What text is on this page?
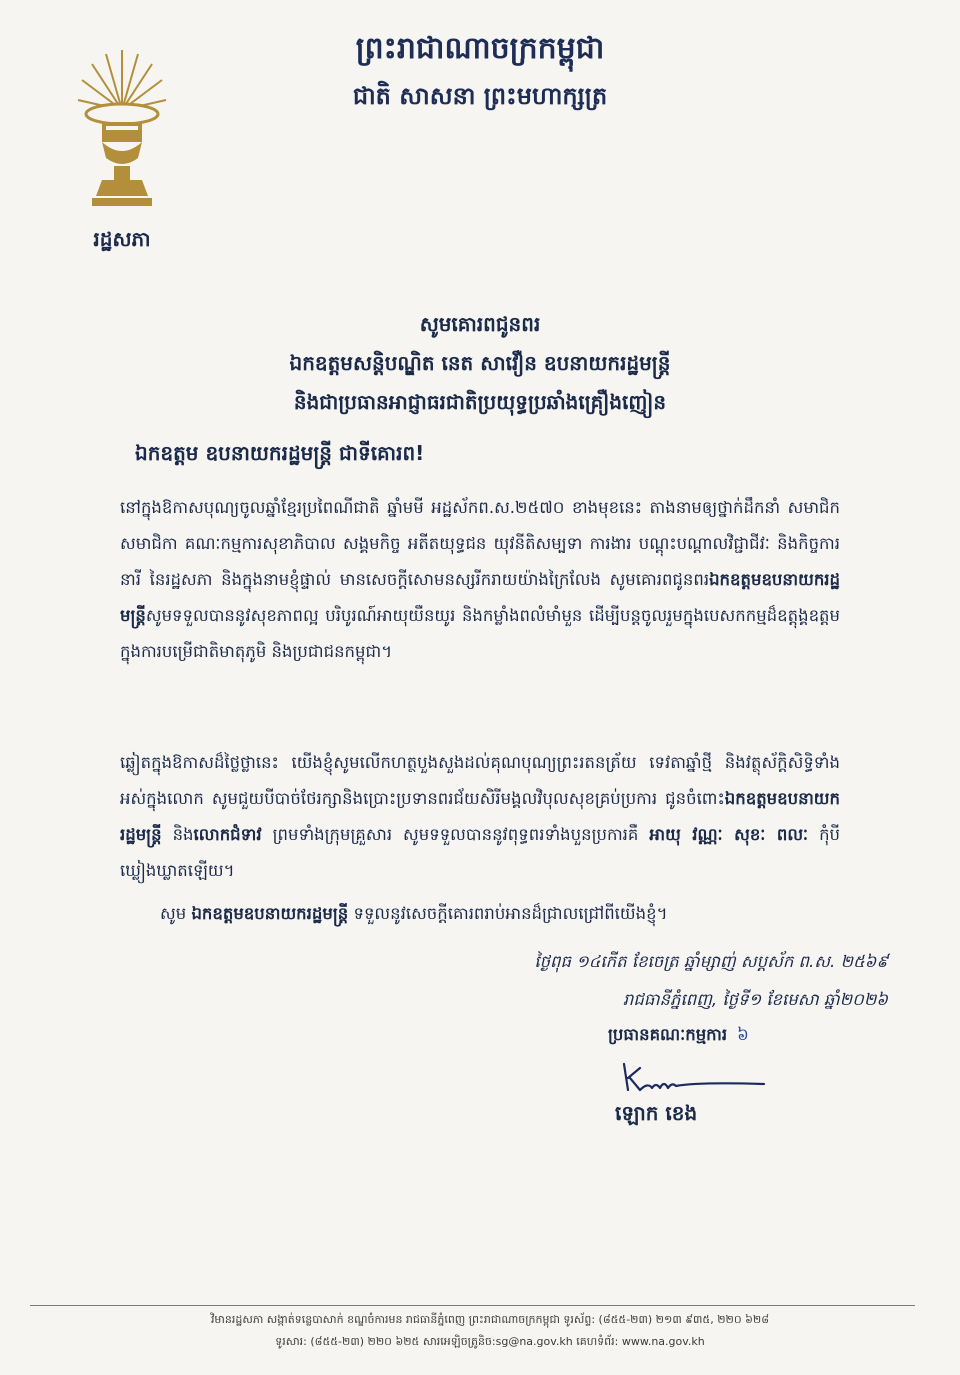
រដ្ឋសភា
ព្រះរាជាណាចក្រកម្ពុជា
ជាតិ សាសនា ព្រះមហាក្សត្រ
សូមគោរពជូនពរ
ឯកឧត្តមសន្តិបណ្ឌិត នេត សាវឿន ឧបនាយករដ្ឋមន្ត្រី
និងជាប្រធានអាជ្ញាធរជាតិប្រយុទ្ធប្រឆាំងគ្រឿងញៀន
ឯកឧត្តម ឧបនាយករដ្ឋមន្ត្រី ជាទីគោរព!
នៅក្នុងឱកាសបុណ្យចូលឆ្នាំខ្មែរប្រពៃណីជាតិ ឆ្នាំមមី អដ្ឋស័កព.ស.២៥៧០ ខាងមុខនេះ តាងនាមឲ្យថ្នាក់ដឹកនាំ សមាជិក សមាជិកា គណៈកម្មការសុខាភិបាល សង្គមកិច្ច អតីតយុទ្ធជន យុវនីតិសម្បទា ការងារ បណ្តុះបណ្តាលវិជ្ជាជីវៈ និងកិច្ចការនារី នៃរដ្ឋសភា និងក្នុងនាមខ្ញុំផ្ទាល់ មានសេចក្តីសោមនស្សរីករាយយ៉ាងក្រៃលែង សូមគោរពជូនពរឯកឧត្តមឧបនាយករដ្ឋមន្ត្រីសូមទទួលបាននូវសុខភាពល្អ បរិបូរណ៍អាយុយឺនយូរ និងកម្លាំងពលំមាំមួន ដើម្បីបន្តចូលរួមក្នុងបេសកកម្មដ៏ឧត្តុង្គឧត្តមក្នុងការបម្រើជាតិមាតុភូមិ និងប្រជាជនកម្ពុជា។
ឆ្លៀតក្នុងឱកាសដ៏ថ្លៃថ្លានេះ យើងខ្ញុំសូមលើកហត្ថបួងសួងដល់គុណបុណ្យព្រះរតនត្រ័យ ទេវតាឆ្នាំថ្មី និងវត្ថុស័ក្តិសិទ្ធិទាំងអស់ក្នុងលោក សូមជួយបីបាច់ថែរក្សានិងប្រោះប្រទានពរជ័យសិរីមង្គលវិបុលសុខគ្រប់ប្រការ ជូនចំពោះឯកឧត្តមឧបនាយករដ្ឋមន្ត្រី និងលោកជំទាវ ព្រមទាំងក្រុមគ្រួសារ សូមទទួលបាននូវពុទ្ធពរទាំងបួនប្រការគឺ អាយុ វណ្ណៈ សុខៈ ពលៈ កុំបីឃ្លៀងឃ្លាតឡើយ។
សូម ឯកឧត្តមឧបនាយករដ្ឋមន្ត្រី ទទួលនូវសេចក្តីគោរពរាប់អានដ៏ជ្រាលជ្រៅពីយើងខ្ញុំ។
ថ្ងៃពុធ ១៤កើត ខែចេត្រ ឆ្នាំម្សាញ់ សប្តស័ក ព.ស. ២៥៦៩
រាជធានីភ្នំពេញ, ថ្ងៃទី១ ខែមេសា ឆ្នាំ២០២៦
ប្រធានគណៈកម្មការ ៦
ឡោក ខេង
វិមានរដ្ឋសភា សង្កាត់ទន្លេបាសាក់ ខណ្ឌចំការមន រាជធានីភ្នំពេញ ព្រះរាជាណាចក្រកម្ពុជា ទូរស័ព្ទ: (៨៥៥-២៣) ២១៣ ៩៣៥, ២២០ ៦២៨
ទូរសារ: (៨៥៥-២៣) ២២០ ៦២៥ សារអេឡិចត្រូនិច:sg@na.gov.kh គេហទំព័រ: www.na.gov.kh
